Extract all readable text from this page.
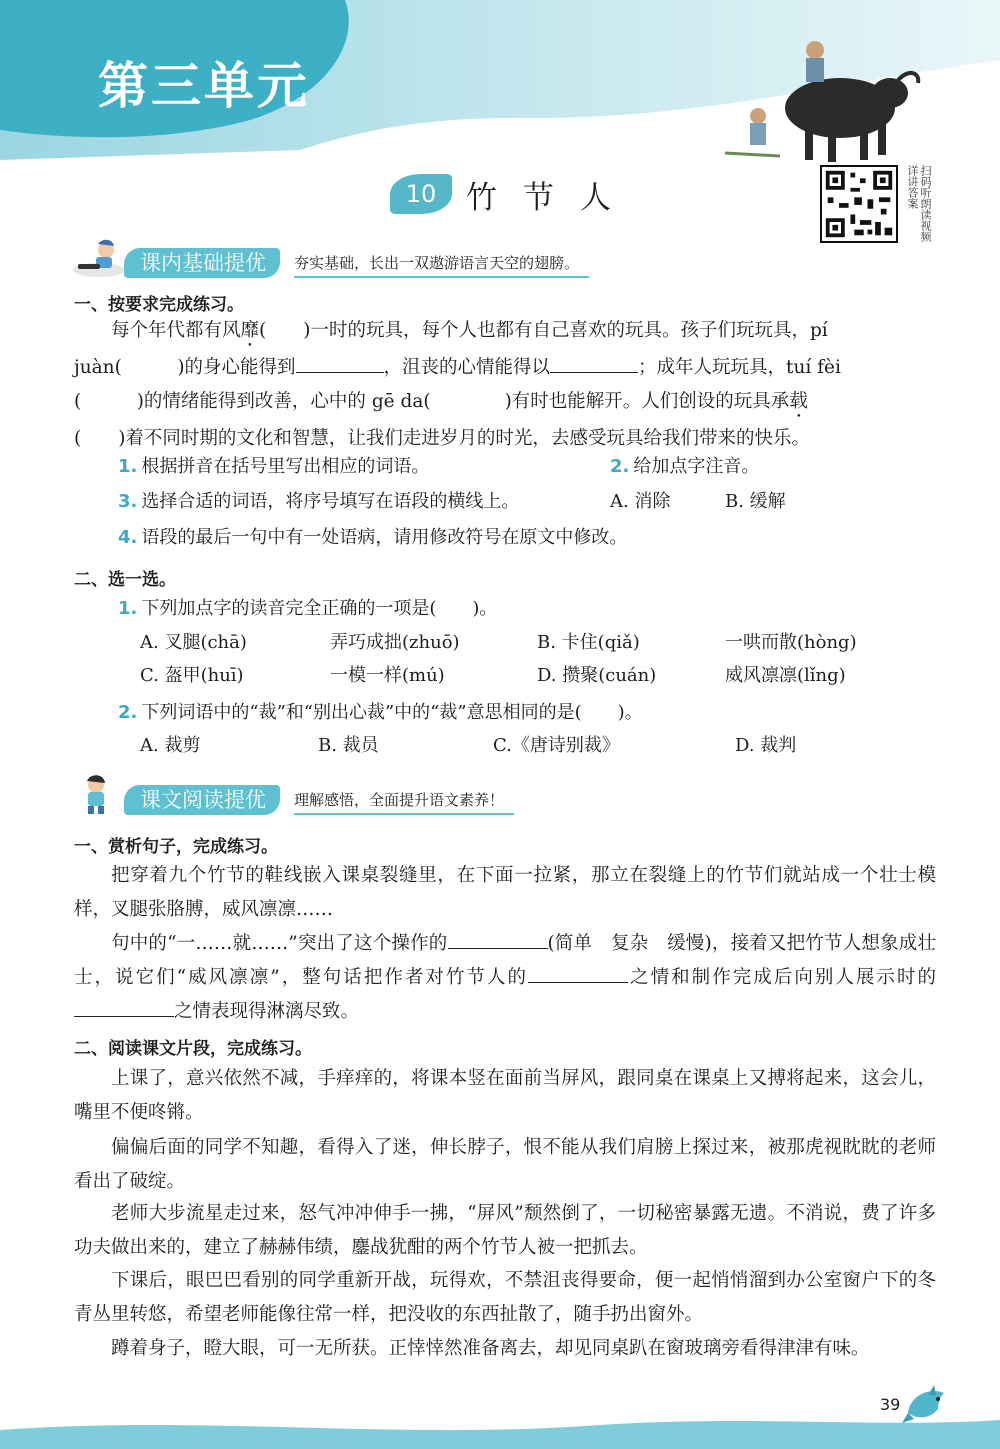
第三单元
10 竹节人	扫码听朗读视频详讲答案
课内基础提优	夯实基础，长出一双遨游语言天空的翅膀。
一、按要求完成练习。
每个年代都有风靡(　　)一时的玩具，每个人也都有自己喜欢的玩具。孩子们玩玩具，pí
juàn(　　　)的身心能得到	，沮丧的心情能得以	；成年人玩玩具，tuí fèi
(　　　)的情绪能得到改善，心中的 gē da(　　　　)有时也能解开。人们创设的玩具承载
(　　)着不同时期的文化和智慧，让我们走进岁月的时光，去感受玩具给我们带来的快乐。
1. 根据拼音在括号里写出相应的词语。	2. 给加点字注音。
3. 选择合适的词语，将序号填写在语段的横线上。	A. 消除	B. 缓解
4. 语段的最后一句中有一处语病，请用修改符号在原文中修改。
二、选一选。
1. 下列加点字的读音完全正确的一项是(　　)。
A. 叉腿(chā)	弄巧成拙(zhuō)	B. 卡住(qiǎ)	一哄而散(hòng)
C. 盔甲(huī)	一模一样(mú)	D. 攒聚(cuán)	威风凛凛(lǐng)
2. 下列词语中的“裁”和“别出心裁”中的“裁”意思相同的是(　　)。
A. 裁剪	B. 裁员	C.《唐诗别裁》	D. 裁判
课文阅读提优	理解感悟，全面提升语文素养！
一、赏析句子，完成练习。
把穿着九个竹节的鞋线嵌入课桌裂缝里，在下面一拉紧，那立在裂缝上的竹节们就站成一个壮士模样，叉腿张胳膊，威风凛凛……
句中的“一……就……”突出了这个操作的	(简单　复杂　缓慢)，接着又把竹节人想象成壮士，说它们“威风凛凛”，整句话把作者对竹节人的	之情和制作完成后向别人展示时的之情表现得淋漓尽致。
二、阅读课文片段，完成练习。
上课了，意兴依然不减，手痒痒的，将课本竖在面前当屏风，跟同桌在课桌上又搏将起来，这会儿，嘴里不便咚锵。
偏偏后面的同学不知趣，看得入了迷，伸长脖子，恨不能从我们肩膀上探过来，被那虎视眈眈的老师看出了破绽。
老师大步流星走过来，怒气冲冲伸手一拂，“屏风”颓然倒了，一切秘密暴露无遗。不消说，费了许多功夫做出来的，建立了赫赫伟绩，鏖战犹酣的两个竹节人被一把抓去。
下课后，眼巴巴看别的同学重新开战，玩得欢，不禁沮丧得要命，便一起悄悄溜到办公室窗户下的冬青丛里转悠，希望老师能像往常一样，把没收的东西扯散了，随手扔出窗外。
蹲着身子，瞪大眼，可一无所获。正悻悻然准备离去，却见同桌趴在窗玻璃旁看得津津有味。
39
